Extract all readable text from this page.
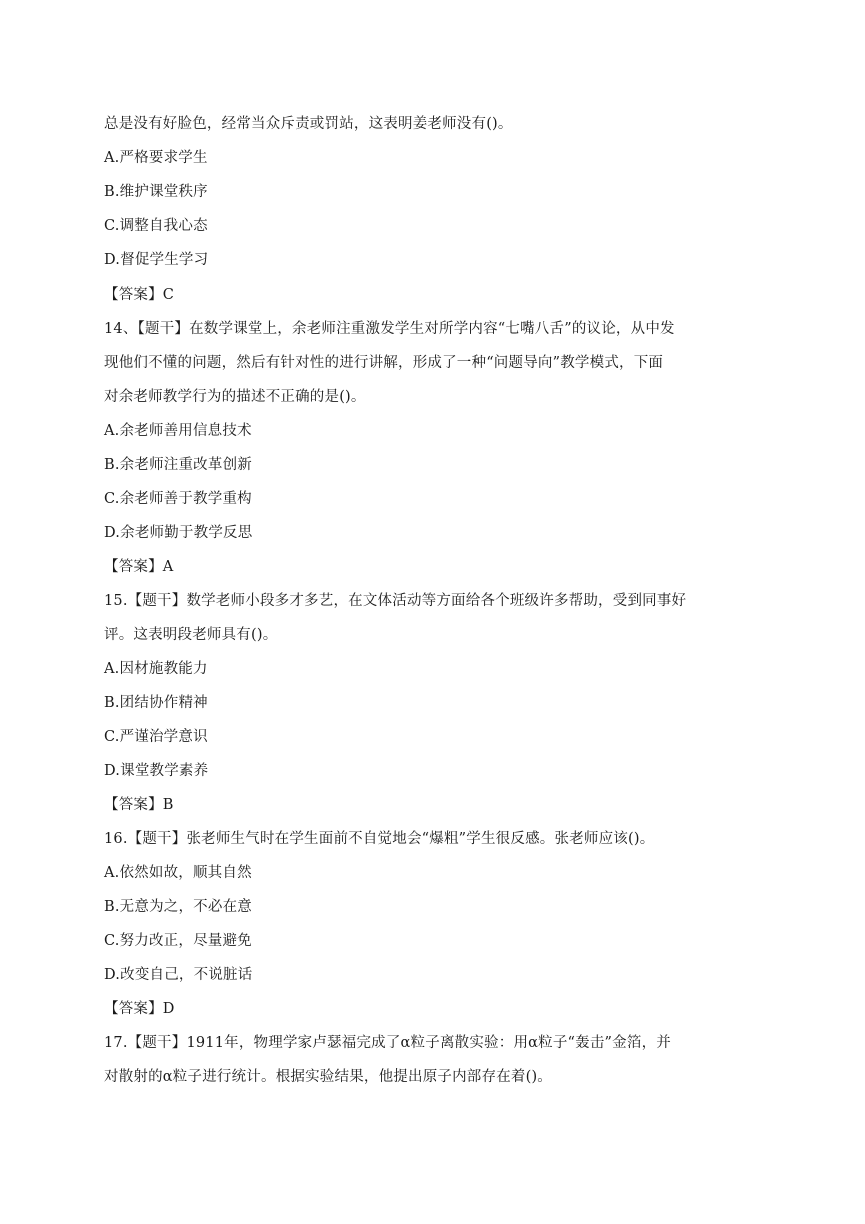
总是没有好脸色，经常当众斥责或罚站，这表明姜老师没有()。
A.严格要求学生
B.维护课堂秩序
C.调整自我心态
D.督促学生学习
【答案】C
14、【题干】在数学课堂上，余老师注重激发学生对所学内容“七嘴八舌”的议论，从中发
现他们不懂的问题，然后有针对性的进行讲解，形成了一种“问题导向”教学模式，下面
对余老师教学行为的描述不正确的是()。
A.余老师善用信息技术
B.余老师注重改革创新
C.余老师善于教学重构
D.余老师勤于教学反思
【答案】A
15.【题干】数学老师小段多才多艺，在文体活动等方面给各个班级许多帮助，受到同事好
评。这表明段老师具有()。
A.因材施教能力
B.团结协作精神
C.严谨治学意识
D.课堂教学素养
【答案】B
16.【题干】张老师生气时在学生面前不自觉地会“爆粗”学生很反感。张老师应该()。
A.依然如故，顺其自然
B.无意为之，不必在意
C.努力改正，尽量避免
D.改变自己，不说脏话
【答案】D
17.【题干】1911年，物理学家卢瑟福完成了α粒子离散实验：用α粒子“轰击”金箔，并
对散射的α粒子进行统计。根据实验结果，他提出原子内部存在着()。
